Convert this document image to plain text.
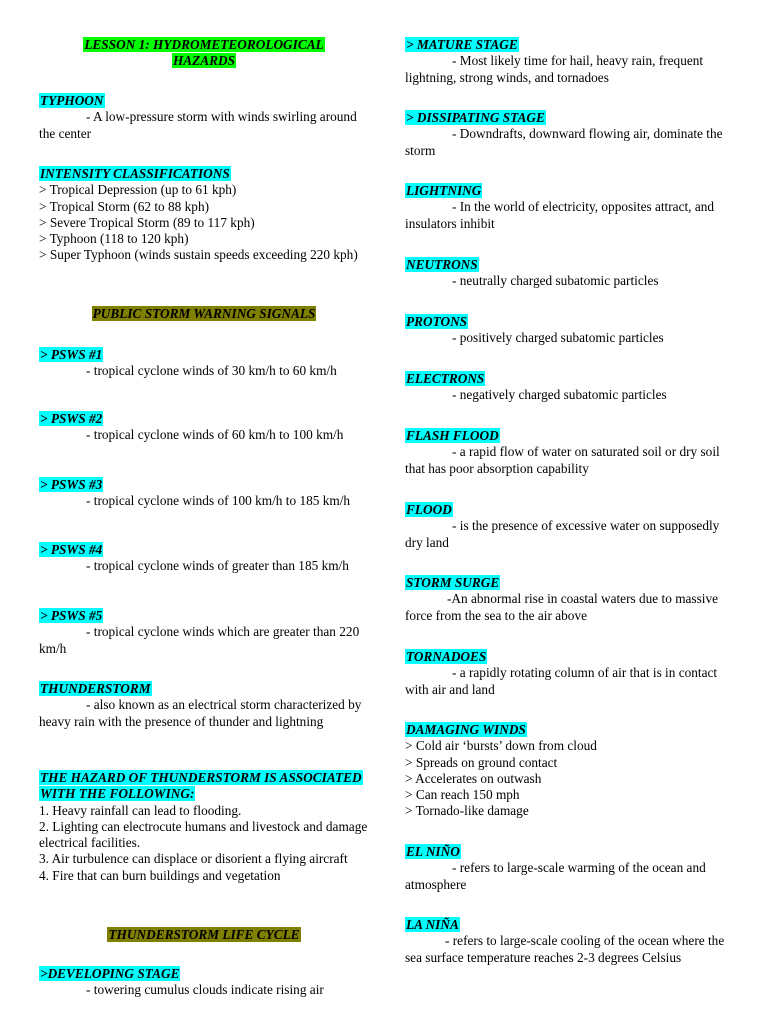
LESSON 1: HYDROMETEOROLOGICAL HAZARDS
TYPHOON

- A low-pressure storm with winds swirling around the center

INTENSITY CLASSIFICATIONS
> Tropical Depression (up to 61 kph)
> Tropical Storm (62 to 88 kph)
> Severe Tropical Storm (89 to 117 kph)
> Typhoon (118 to 120 kph)
> Super Typhoon (winds sustain speeds exceeding 220 kph)
PUBLIC STORM WARNING SIGNALS
> PSWS #1

- tropical cyclone winds of 30 km/h to 60 km/h

> PSWS #2

- tropical cyclone winds of 60 km/h to 100 km/h

> PSWS #3

- tropical cyclone winds of 100 km/h to 185 km/h

> PSWS #4

- tropical cyclone winds of greater than 185 km/h

> PSWS #5

- tropical cyclone winds which are greater than 220 km/h

THUNDERSTORM

- also known as an electrical storm characterized by heavy rain with the presence of thunder and lightning

THE HAZARD OF THUNDERSTORM IS ASSOCIATED WITH THE FOLLOWING:
1. Heavy rainfall can lead to flooding.
2. Lighting can electrocute humans and livestock and damage electrical facilities.
3. Air turbulence can displace or disorient a flying aircraft
4. Fire that can burn buildings and vegetation
THUNDERSTORM LIFE CYCLE
>DEVELOPING STAGE

- towering cumulus clouds indicate rising air

> MATURE STAGE

- Most likely time for hail, heavy rain, frequent lightning, strong winds, and tornadoes

> DISSIPATING STAGE

- Downdrafts, downward flowing air, dominate the storm

LIGHTNING

- In the world of electricity, opposites attract, and insulators inhibit

NEUTRONS

- neutrally charged subatomic particles

PROTONS

- positively charged subatomic particles

ELECTRONS

- negatively charged subatomic particles

FLASH FLOOD

- a rapid flow of water on saturated soil or dry soil that has poor absorption capability

FLOOD

- is the presence of excessive water on supposedly dry land

STORM SURGE

-An abnormal rise in coastal waters due to massive force from the sea to the air above

TORNADOES

- a rapidly rotating column of air that is in contact with air and land

DAMAGING WINDS
> Cold air ‘bursts’ down from cloud
> Spreads on ground contact
> Accelerates on outwash
> Can reach 150 mph
> Tornado-like damage
EL NIÑO

- refers to large-scale warming of the ocean and atmosphere

LA NIÑA

- refers to large-scale cooling of the ocean where the sea surface temperature reaches 2-3 degrees Celsius
